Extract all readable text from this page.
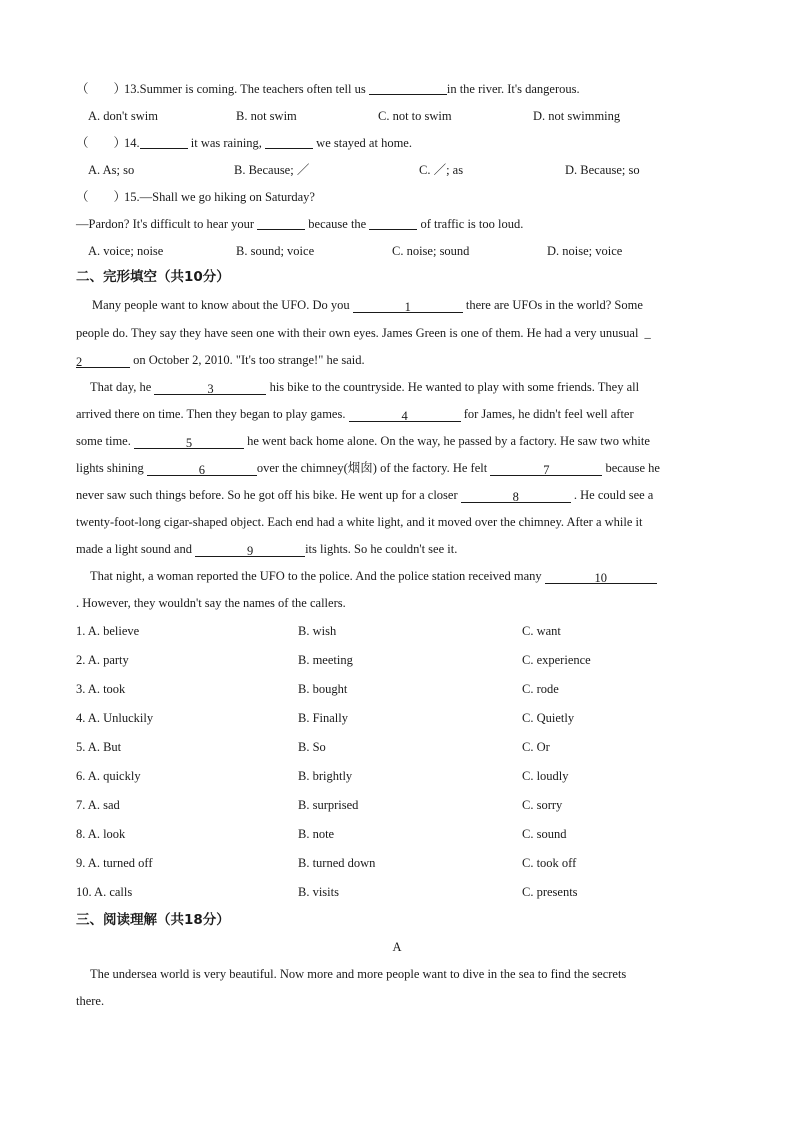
（　　）13.Summer is coming. The teachers often tell us	in the river. It's dangerous.
A. don't swim	B. not swim	C. not to swim	D. not swimming
（　　）14.	it was raining,	we stayed at home.
A. As; so	B. Because; ／	C. ／; as	D. Because; so
（　　）15.—Shall we go hiking on Saturday?
—Pardon? It's difficult to hear your	because the	of traffic is too loud.
A. voice; noise	B. sound; voice	C. noise; sound	D. noise; voice
二、完形填空（共10分）
Many people want to know about the UFO. Do you	1	there are UFOs in the world? Some
people do. They say they have seen one with their own eyes. James Green is one of them. He had a very unusual _
2	on October 2, 2010. "It's too strange!" he said.
That day, he	3	his bike to the countryside. He wanted to play with some friends. They all
arrived there on time. Then they began to play games.	4	for James, he didn't feel well after
some time.	5	he went back home alone. On the way, he passed by a factory. He saw two white
lights shining	6	over the chimney(烟囱) of the factory. He felt	7	because he
never saw such things before. So he got off his bike. He went up for a closer	8	. He could see a
twenty-foot-long cigar-shaped object. Each end had a white light, and it moved over the chimney. After a while it
made a light sound and	9	its lights. So he couldn't see it.
That night, a woman reported the UFO to the police. And the police station received many	10
. However, they wouldn't say the names of the callers.
1. A. believe	B. wish	C. want
2. A. party	B. meeting	C. experience
3. A. took	B. bought	C. rode
4. A. Unluckily	B. Finally	C. Quietly
5. A. But	B. So	C. Or
6. A. quickly	B. brightly	C. loudly
7. A. sad	B. surprised	C. sorry
8. A. look	B. note	C. sound
9. A. turned off	B. turned down	C. took off
10. A. calls	B. visits	C. presents
三、阅读理解（共18分）
A
The undersea world is very beautiful. Now more and more people want to dive in the sea to find the secrets
there.
